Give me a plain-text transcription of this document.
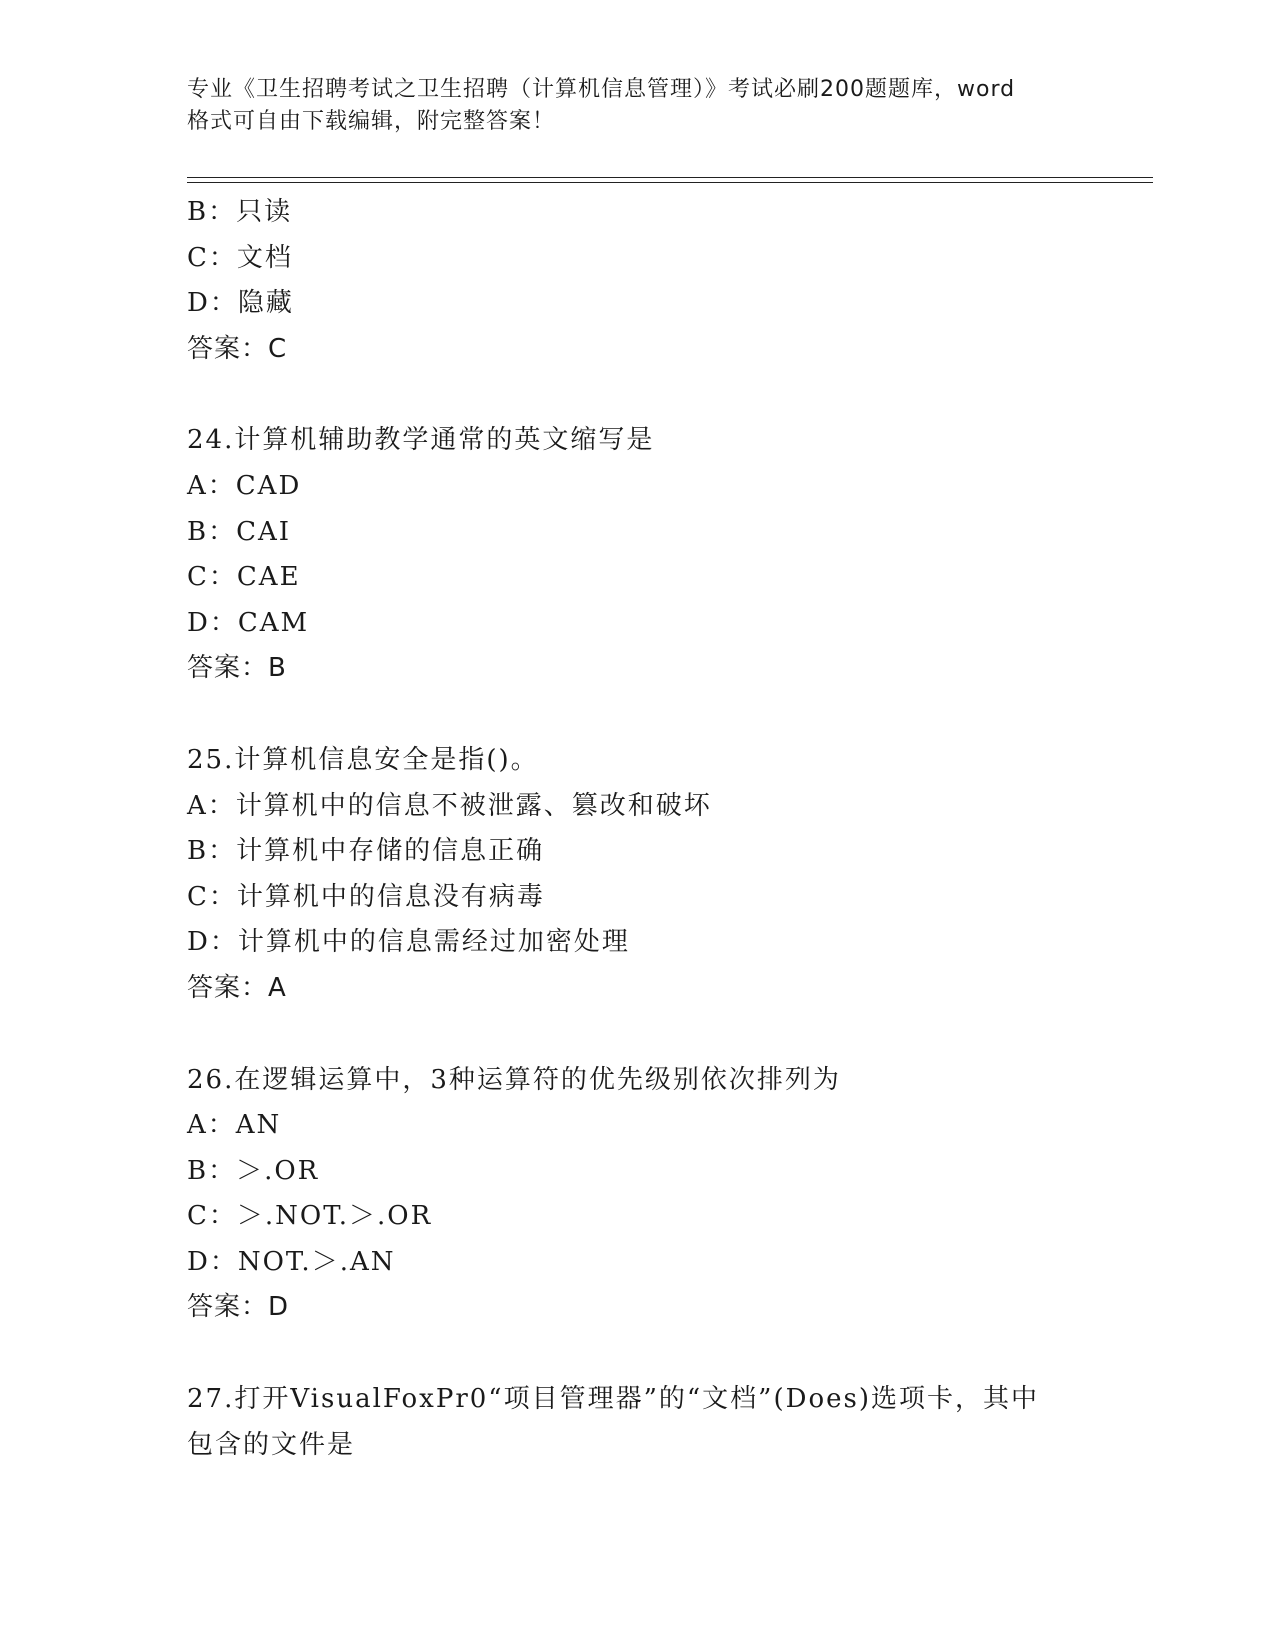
专业《卫生招聘考试之卫生招聘（计算机信息管理）》考试必刷200题题库，word
格式可自由下载编辑，附完整答案！
B：只读
C：文档
D：隐藏
答案：C
24.计算机辅助教学通常的英文缩写是
A：CAD
B：CAI
C：CAE
D：CAM
答案：B
25.计算机信息安全是指()。
A：计算机中的信息不被泄露、篡改和破坏
B：计算机中存储的信息正确
C：计算机中的信息没有病毒
D：计算机中的信息需经过加密处理
答案：A
26.在逻辑运算中，3种运算符的优先级别依次排列为
A：AN
B：＞.OR
C：＞.NOT.＞.OR
D：NOT.＞.AN
答案：D
27.打开VisualFoxPr0“项目管理器”的“文档”(Does)选项卡，其中
包含的文件是
